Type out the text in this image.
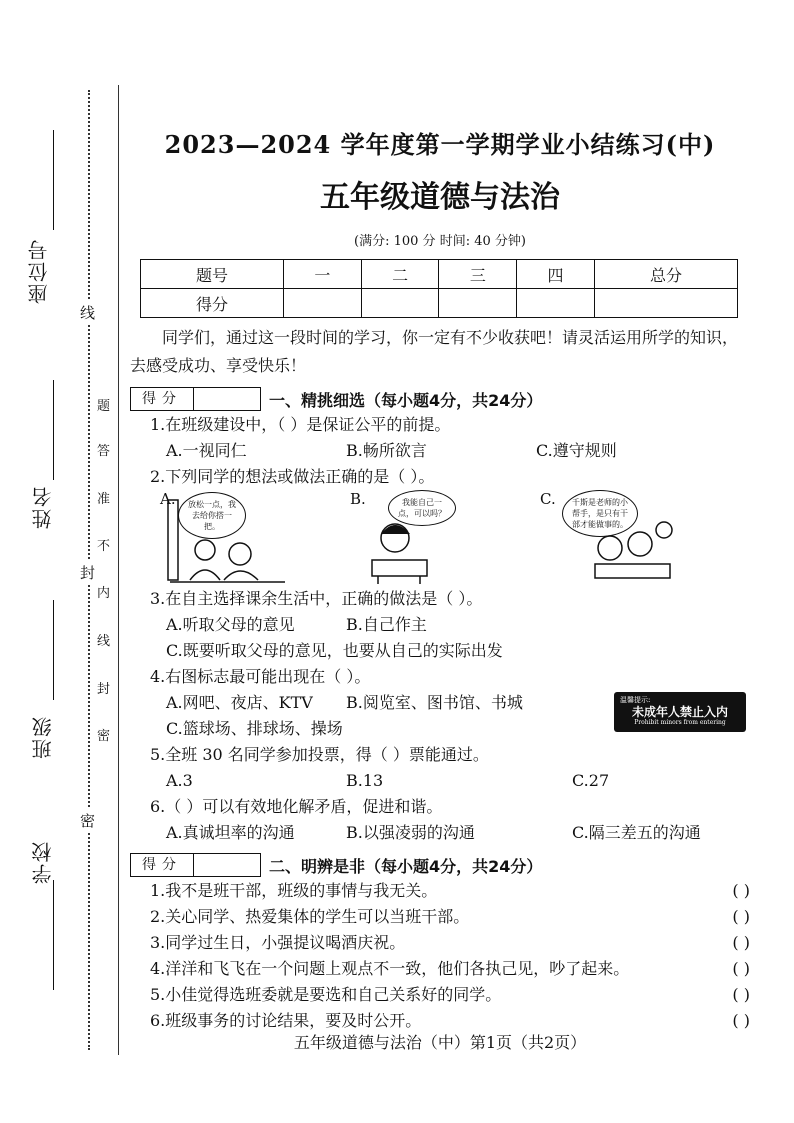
座位号
姓名
班级
学校
线
封
密
题
答
准
不
内
线
封
密
2023—2024 学年度第一学期学业小结练习(中)
五年级道德与法治
(满分: 100 分 时间: 40 分钟)
题号	一	二	三	四	总分
得分					

同学们，通过这一段时间的学习，你一定有不少收获吧！请灵活运用所学的知识，去感受成功、享受快乐！

得分	一、精挑细选（每小题4分，共24分）
1.在班级建设中，（ ）是保证公平的前提。
A.一视同仁	B.畅所欲言	C.遵守规则
2.下列同学的想法或做法正确的是（ ）。
A.	放松一点，我去给你搭一把。
B.	我能自己一点，可以吗？
C.	千斯是老师的小帮手，是只有干部才能做事的。
3.在自主选择课余生活中，正确的做法是（ ）。
A.听取父母的意见	B.自己作主
C.既要听取父母的意见，也要从自己的实际出发
4.右图标志最可能出现在（ ）。
A.网吧、夜店、KTV	B.阅览室、图书馆、书城
C.篮球场、排球场、操场
温馨提示:
未成年人禁止入内
Prohibit minors from entering
5.全班 30 名同学参加投票，得（ ）票能通过。
A.3	B.13	C.27
6.（ ）可以有效地化解矛盾，促进和谐。
A.真诚坦率的沟通	B.以强凌弱的沟通	C.隔三差五的沟通
得分	二、明辨是非（每小题4分，共24分）
1.我不是班干部，班级的事情与我无关。	( )
2.关心同学、热爱集体的学生可以当班干部。	( )
3.同学过生日，小强提议喝酒庆祝。	( )
4.洋洋和飞飞在一个问题上观点不一致，他们各执己见，吵了起来。	( )
5.小佳觉得选班委就是要选和自己关系好的同学。	( )
6.班级事务的讨论结果，要及时公开。	( )
五年级道德与法治（中）第1页（共2页）
